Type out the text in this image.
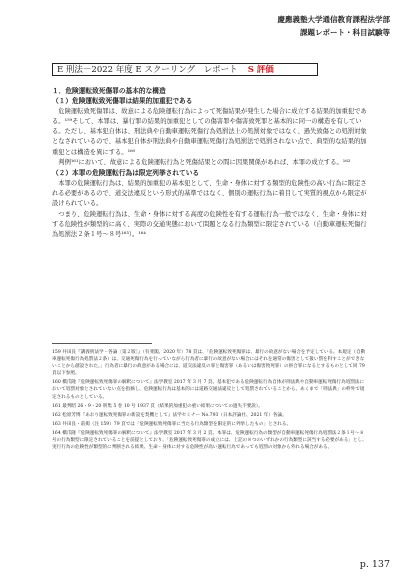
慶應義塾大学通信教育課程法学部
課題レポート・科目試験等
E 刑法－2022 年度 E スクーリング　レポート S 評価

１．危険運転致死傷罪の基本的な構造

（１）危険運転致死傷罪は結果的加重犯である

危険運転致死傷罪は、故意による危険運転行為によって死傷結果が発生した場合に成立する結果的加重犯である。¹⁵⁹そして、本罪は、暴行罪の結果的加重犯としての傷害罪や傷害致死罪と基本的に同一の構造を有している。ただし、基本犯自体は、刑法典や自動車運転死傷行為処罰法上の処罰対象ではなく、過失致傷との処罰対象となされているので、基本犯自体が刑法典や自動車運転死傷行為処罰法で処罰されない点で、典型的な結果的加重犯とは構造を異にする。¹⁶⁰

判例¹⁶¹において、故意による危険運転行為と死傷結果との間に因果関係があれば、本罪の成立する。¹⁶²

（２）本罪の危険運転行為は限定列挙されている

本罪の危険運転行為は、結果的加重犯の基本犯として、生命・身体に対する類型的危険性の高い行為に限定される必要があるので、道交法違反という形式的基準ではなく、個別の運転行為に着目して実質的視点から限定が設けられている。

つまり、危険運転行為は、生命・身体に対する高度の危険性を有する運転行為一般ではなく、生命・身体に対する危険性が類型的に高く、実際の交通実態において問題となる行為類型に限定されている（自動車運転死傷行為処罰法２条１号〜８号¹⁶³）。¹⁶⁴

159 井田良『講義刑法学・各論〔第２版〕』（有斐閣、2020 年）78 頁は、「危険運転致死傷罪は、暴行の故意がない場合を予定している。本規定（自動車運転死傷行為処罰法２条）は、交通死傷行為を行っていながら行為者に暴行の故意がない場合にはそれを通常の傷害として扱い罰を科すことができないことから創設された。」行為者に暴行の故意がある場合には、道交法違反の罪と傷害罪（あるいは傷害致死罪）の併合罪になるとするものとして同 79 頁以下参照。

160 橋爪隆『危険運転致死傷罪の解釈について』法学教室 2017 年 3 月 7 頁。基本犯である危険運転行為自体が刑法典や自動車運転死傷行為処罰法において処罰対象とされていない点を指摘し、危険運転行為は基本的には道路交通法違反として処罰されていることから、あくまで「刑法典」の枠外で規定されるものとしている。

161 最判昭 26・9・20 刑集 5 巻 10 号 1937 頁（結果的加重犯の重い結果についての過失不要説）。

162 松原芳博『あおり運転致死傷罪の新設を契機として』法学セミナー No.793（日本評論社、2021 年）各論。

163 井田良・前掲（注 159）79 頁では「危険運転致死傷罪に当たる行為類型を限定的に列挙したもの」とされる。

164 橋爪隆『危険運転致死傷罪の解釈について』法学教室 2017 年 3 月 2 頁。本罪は、危険運転行為の類型が自動車運転死傷行為処罰法２条１号〜８号の行為類型に限定されていることを前提としており、「危険運転致死傷罪の成立には、上記の８つのいずれかの行為類型に該当する必要がある」とし、実行行為の危険性が類型的に判断される結果、生命・身体に対する危険性が高い運転行為であっても処罰の対象から外れる場合がある。

p. 137
